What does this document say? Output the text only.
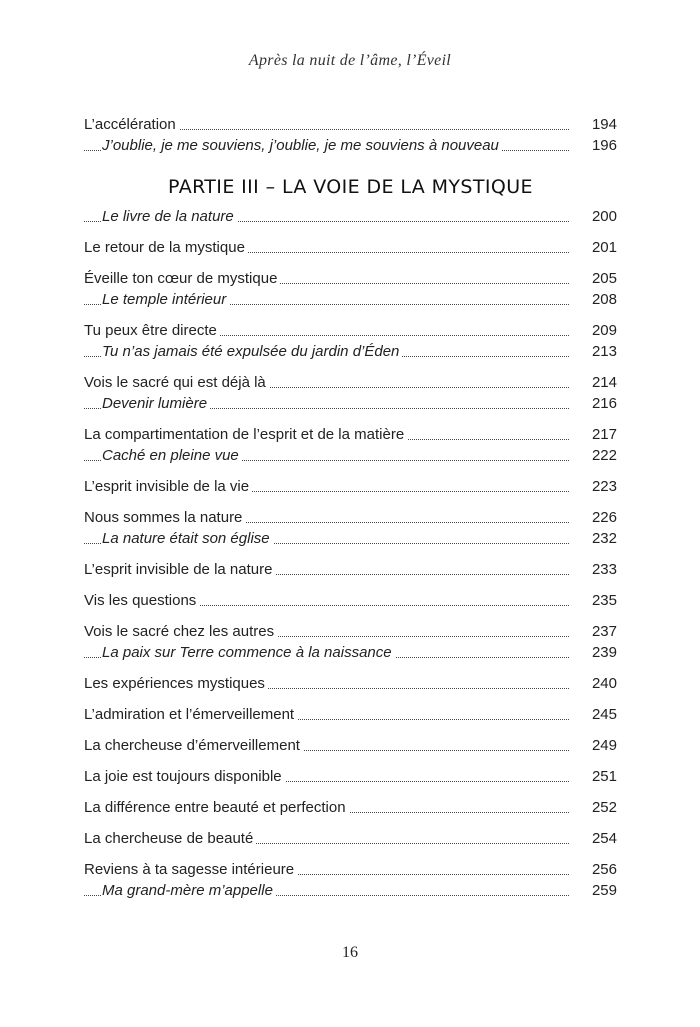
Après la nuit de l’âme, l’Éveil
L’accélération	194
J’oublie, je me souviens, j’oublie, je me souviens à nouveau	196
PARTIE III – LA VOIE DE LA MYSTIQUE
Le livre de la nature	200
Le retour de la mystique	201
Éveille ton cœur de mystique	205
Le temple intérieur	208
Tu peux être directe	209
Tu n’as jamais été expulsée du jardin d’Éden	213
Vois le sacré qui est déjà là	214
Devenir lumière	216
La compartimentation de l’esprit et de la matière	217
Caché en pleine vue	222
L’esprit invisible de la vie	223
Nous sommes la nature	226
La nature était son église	232
L’esprit invisible de la nature	233
Vis les questions	235
Vois le sacré chez les autres	237
La paix sur Terre commence à la naissance	239
Les expériences mystiques	240
L’admiration et l’émerveillement	245
La chercheuse d’émerveillement	249
La joie est toujours disponible	251
La différence entre beauté et perfection	252
La chercheuse de beauté	254
Reviens à ta sagesse intérieure	256
Ma grand-mère m’appelle	259
16
